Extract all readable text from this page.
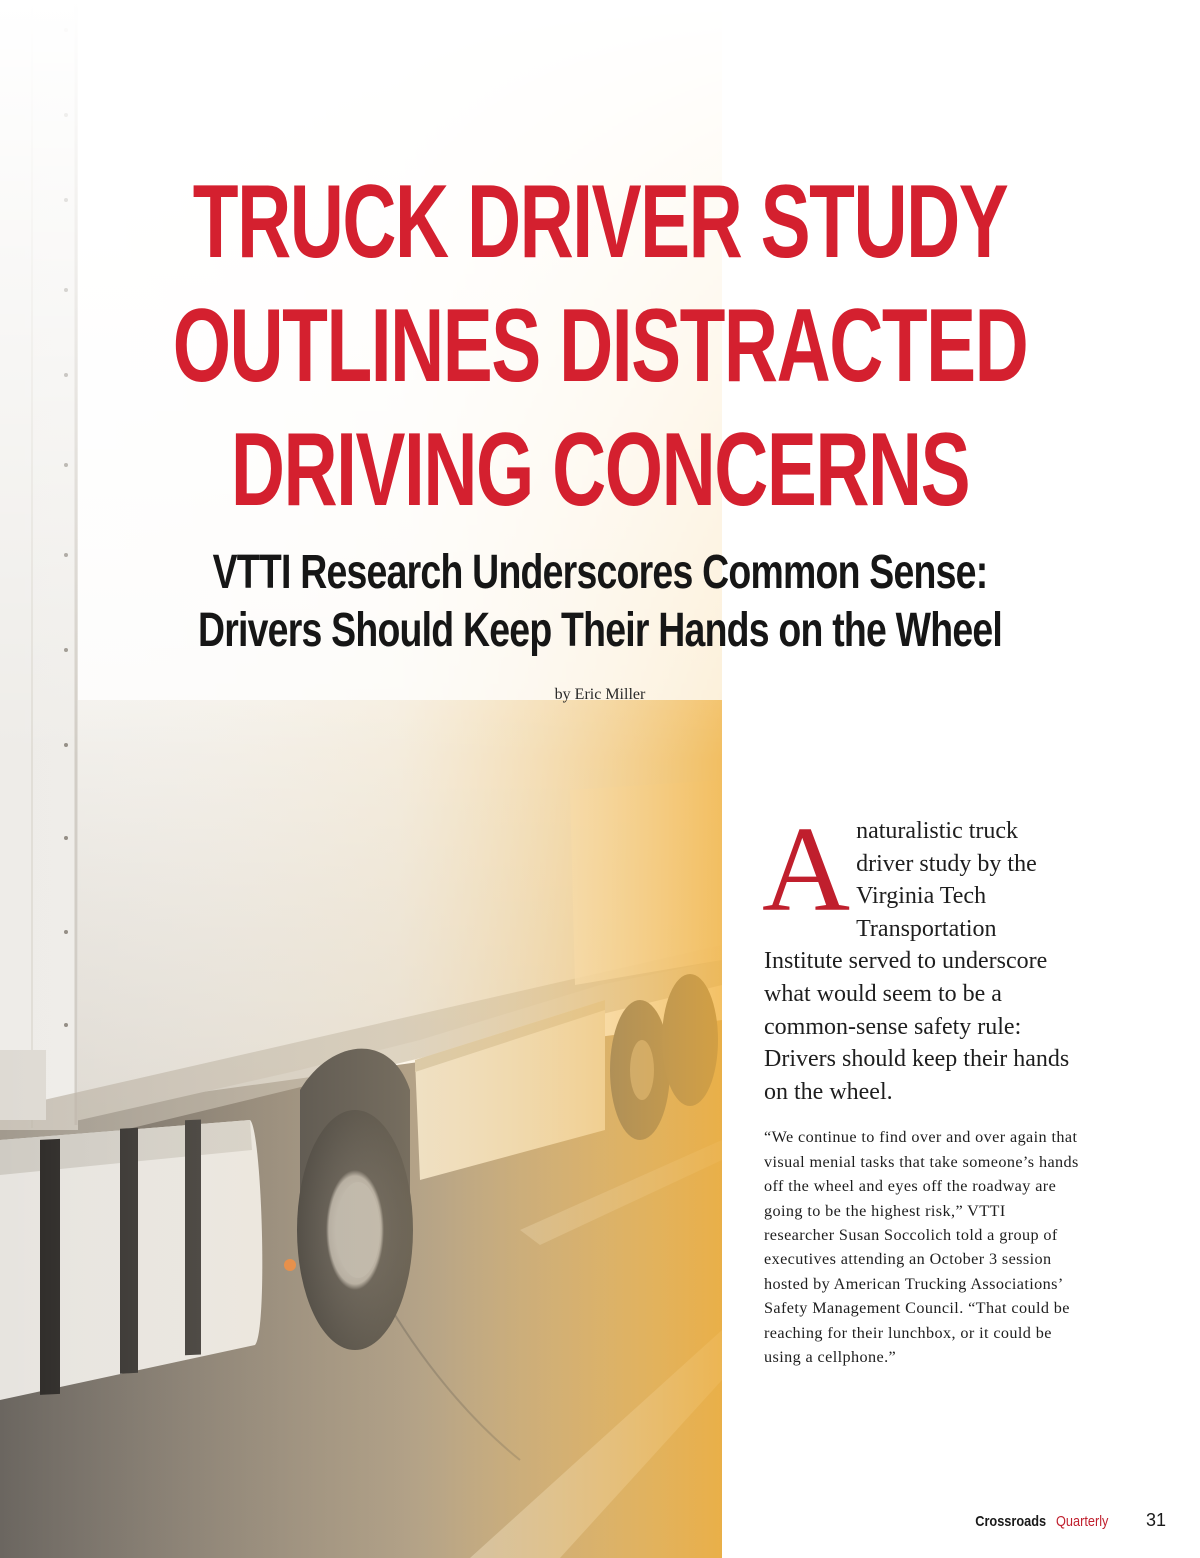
TRUCK DRIVER STUDY
OUTLINES DISTRACTED
DRIVING CONCERNS
VTTI Research Underscores Common Sense:
Drivers Should Keep Their Hands on the Wheel
by Eric Miller

A naturalistic truck driver study by the Virginia Tech Transportation Institute served to underscore what would seem to be a common-sense safety rule: Drivers should keep their hands on the wheel.

“We continue to find over and over again that visual menial tasks that take someone’s hands off the wheel and eyes off the roadway are going to be the highest risk,” VTTI researcher Susan Soccolich told a group of executives attending an October 3 session hosted by American Trucking Associations’ Safety Management Council. “That could be reaching for their lunchbox, or it could be using a cellphone.”

Crossroads Quarterly 31
